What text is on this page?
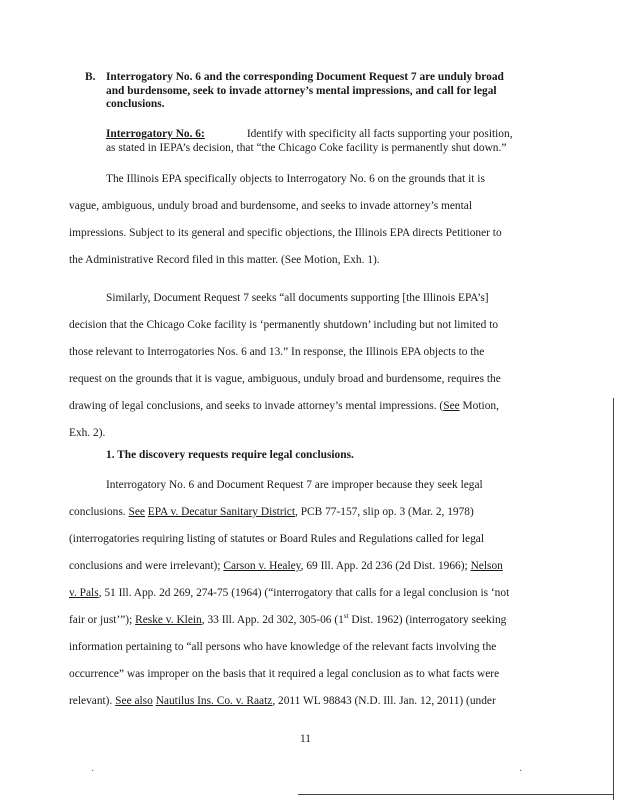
B. Interrogatory No. 6 and the corresponding Document Request 7 are unduly broad
and burdensome, seek to invade attorney’s mental impressions, and call for legal
conclusions.
Interrogatory No. 6:	Identify with specificity all facts supporting your position,
as stated in IEPA’s decision, that “the Chicago Coke facility is permanently shut down.”
The Illinois EPA specifically objects to Interrogatory No. 6 on the grounds that it is
vague, ambiguous, unduly broad and burdensome, and seeks to invade attorney’s mental
impressions. Subject to its general and specific objections, the Illinois EPA directs Petitioner to
the Administrative Record filed in this matter. (See Motion, Exh. 1).
Similarly, Document Request 7 seeks “all documents supporting [the Illinois EPA’s]
decision that the Chicago Coke facility is ‘permanently shutdown’ including but not limited to
those relevant to Interrogatories Nos. 6 and 13.” In response, the Illinois EPA objects to the
request on the grounds that it is vague, ambiguous, unduly broad and burdensome, requires the
drawing of legal conclusions, and seeks to invade attorney’s mental impressions. (See Motion,
Exh. 2).
1. The discovery requests require legal conclusions.
Interrogatory No. 6 and Document Request 7 are improper because they seek legal
conclusions. See EPA v. Decatur Sanitary District, PCB 77-157, slip op. 3 (Mar. 2, 1978)
(interrogatories requiring listing of statutes or Board Rules and Regulations called for legal
conclusions and were irrelevant); Carson v. Healey, 69 Ill. App. 2d 236 (2d Dist. 1966); Nelson
v. Pals, 51 Ill. App. 2d 269, 274-75 (1964) (“interrogatory that calls for a legal conclusion is ‘not
fair or just’”); Reske v. Klein, 33 Ill. App. 2d 302, 305-06 (1st Dist. 1962) (interrogatory seeking
information pertaining to “all persons who have knowledge of the relevant facts involving the
occurrence” was improper on the basis that it required a legal conclusion as to what facts were
relevant). See also Nautilus Ins. Co. v. Raatz, 2011 WL 98843 (N.D. Ill. Jan. 12, 2011) (under
11
·	·
